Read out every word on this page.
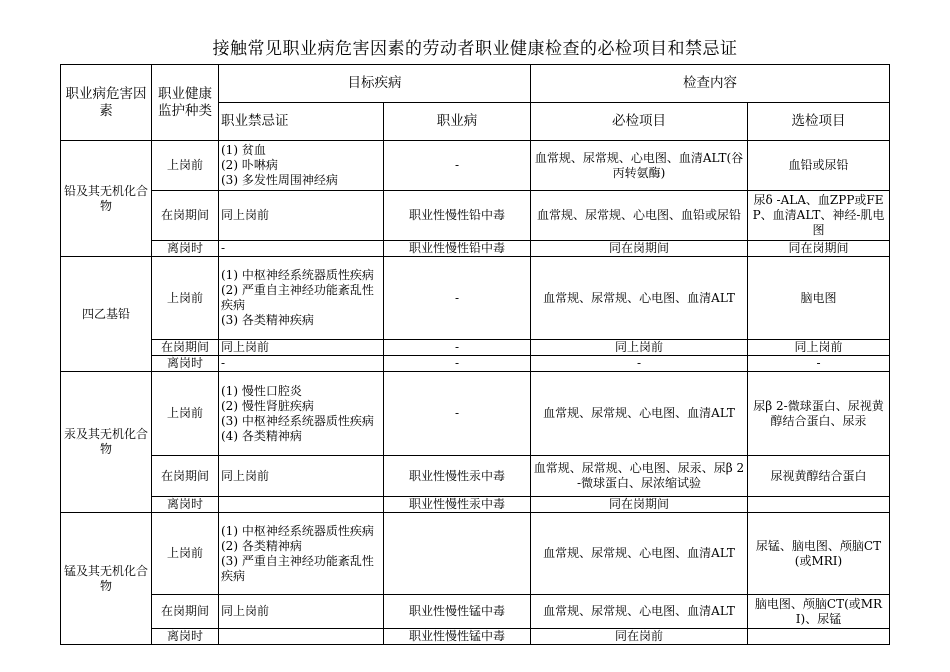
接触常见职业病危害因素的劳动者职业健康检查的必检项目和禁忌证
职业病危害因素	职业健康监护种类	目标疾病		检查内容	
		职业禁忌证	职业病	必检项目	选检项目
铅及其无机化合物	上岗前	(1) 贫血
(2) 卟啉病
(3) 多发性周围神经病	-	血常规、尿常规、心电图、血清ALT(谷丙转氨酶)	血铅或尿铅
	在岗期间	同上岗前	职业性慢性铅中毒	血常规、尿常规、心电图、血铅或尿铅	尿δ -ALA、血ZPP或FEP、血清ALT、神经-肌电图
	离岗时	-	职业性慢性铅中毒	同在岗期间	同在岗期间
四乙基铅	上岗前	(1) 中枢神经系统器质性疾病
(2) 严重自主神经功能紊乱性疾病
(3) 各类精神疾病	-	血常规、尿常规、心电图、血清ALT	脑电图
	在岗期间	同上岗前	-	同上岗前	同上岗前
	离岗时	-	-	-	-
汞及其无机化合物	上岗前	(1) 慢性口腔炎
(2) 慢性肾脏疾病
(3) 中枢神经系统器质性疾病
(4) 各类精神病	-	血常规、尿常规、心电图、血清ALT	尿β 2-微球蛋白、尿视黄醇结合蛋白、尿汞
	在岗期间	同上岗前	职业性慢性汞中毒	血常规、尿常规、心电图、尿汞、尿β 2-微球蛋白、尿浓缩试验	尿视黄醇结合蛋白
	离岗时		职业性慢性汞中毒	同在岗期间	
锰及其无机化合物	上岗前	(1) 中枢神经系统器质性疾病
(2) 各类精神病
(3) 严重自主神经功能紊乱性疾病		血常规、尿常规、心电图、血清ALT	尿锰、脑电图、颅脑CT(或MRI)
	在岗期间	同上岗前	职业性慢性锰中毒	血常规、尿常规、心电图、血清ALT	脑电图、颅脑CT(或MRI)、尿锰
	离岗时		职业性慢性锰中毒	同在岗前	
